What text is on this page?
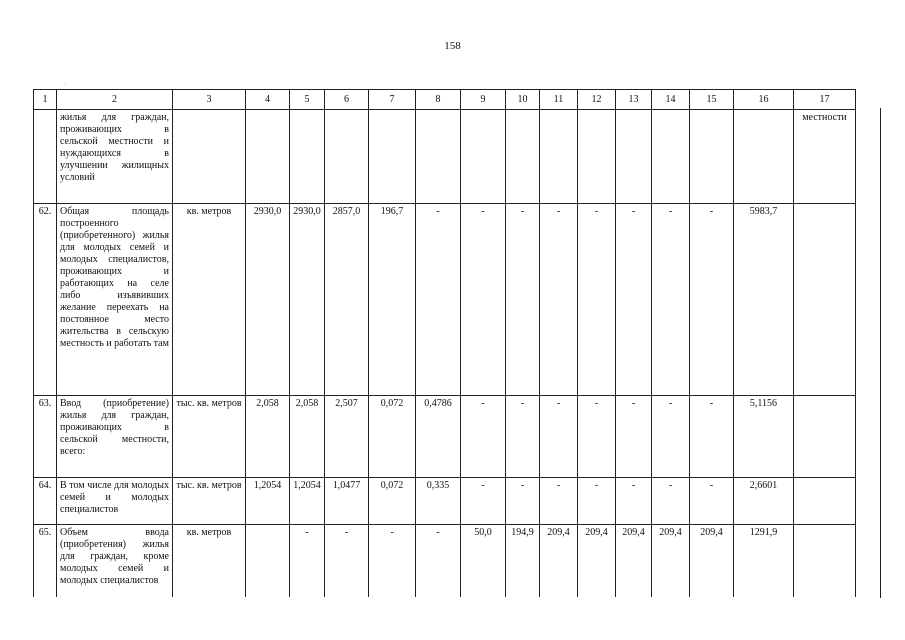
158
·
1	2	3	4	5	6	7	8	9	10	11	12	13	14	15	16	17
	жилья для граждан, проживающих в сельской местности и нуждающихся в улучшении жилищных условий															местности
62.	Общая площадь построенного (приобретенного) жилья для молодых семей и молодых специалистов, проживающих и работающих на селе либо изъявивших желание переехать на постоянное место жительства в сельскую местность и работать там	кв. метров	2930,0	2930,0	2857,0	196,7	-	-	-	-	-	-	-	-	5983,7	
63.	Ввод (приобретение) жилья для граждан, проживающих в сельской местности, всего:	тыс. кв. метров	2,058	2,058	2,507	0,072	0,4786	-	-	-	-	-	-	-	5,1156	
64.	В том числе для молодых семей и молодых специалистов	тыс. кв. метров	1,2054	1,2054	1,0477	0,072	0,335	-	-	-	-	-	-	-	2,6601	
65.	Объем ввода (приобретения) жилья для граждан, кроме молодых семей и молодых специалистов	кв. метров		-	-	-	-	50,0	194,9	209,4	209,4	209,4	209,4	209,4	1291,9	
